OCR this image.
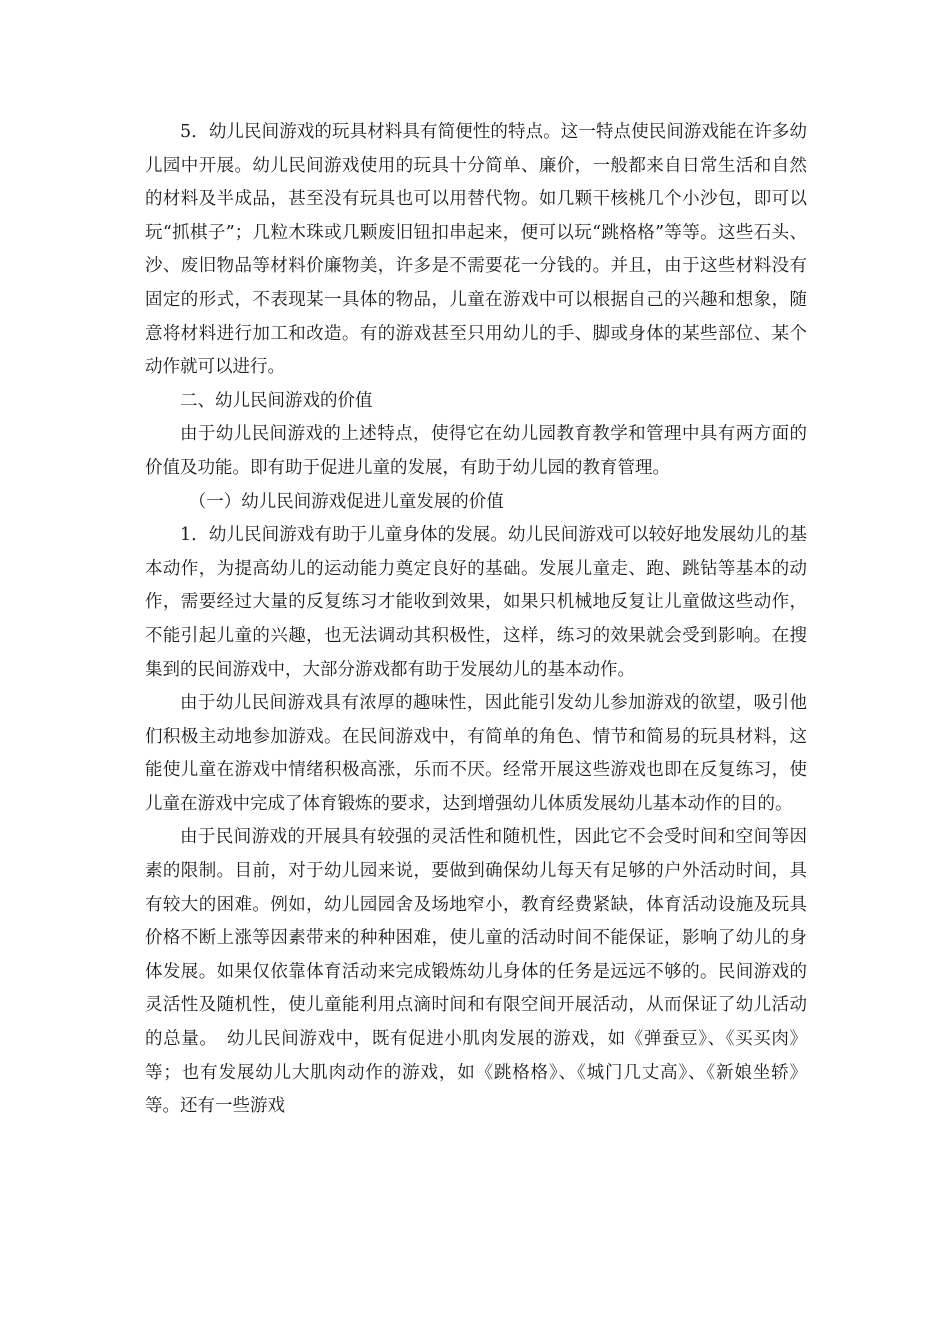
5．幼儿民间游戏的玩具材料具有简便性的特点。这一特点使民间游戏能在许多幼儿园中开展。幼儿民间游戏使用的玩具十分简单、廉价，一般都来自日常生活和自然的材料及半成品，甚至没有玩具也可以用替代物。如几颗干核桃几个小沙包，即可以玩“抓棋子”；几粒木珠或几颗废旧钮扣串起来，便可以玩“跳格格”等等。这些石头、沙、废旧物品等材料价廉物美，许多是不需要花一分钱的。并且，由于这些材料没有固定的形式，不表现某一具体的物品，儿童在游戏中可以根据自己的兴趣和想象，随意将材料进行加工和改造。有的游戏甚至只用幼儿的手、脚或身体的某些部位、某个动作就可以进行。

二、幼儿民间游戏的价值

由于幼儿民间游戏的上述特点，使得它在幼儿园教育教学和管理中具有两方面的价值及功能。即有助于促进儿童的发展，有助于幼儿园的教育管理。

（一）幼儿民间游戏促进儿童发展的价值

1．幼儿民间游戏有助于儿童身体的发展。幼儿民间游戏可以较好地发展幼儿的基本动作，为提高幼儿的运动能力奠定良好的基础。发展儿童走、跑、跳钻等基本的动作，需要经过大量的反复练习才能收到效果，如果只机械地反复让儿童做这些动作，不能引起儿童的兴趣，也无法调动其积极性，这样，练习的效果就会受到影响。在搜集到的民间游戏中，大部分游戏都有助于发展幼儿的基本动作。

由于幼儿民间游戏具有浓厚的趣味性，因此能引发幼儿参加游戏的欲望，吸引他们积极主动地参加游戏。在民间游戏中，有简单的角色、情节和简易的玩具材料，这能使儿童在游戏中情绪积极高涨，乐而不厌。经常开展这些游戏也即在反复练习，使儿童在游戏中完成了体育锻炼的要求，达到增强幼儿体质发展幼儿基本动作的目的。

由于民间游戏的开展具有较强的灵活性和随机性，因此它不会受时间和空间等因素的限制。目前，对于幼儿园来说，要做到确保幼儿每天有足够的户外活动时间，具有较大的困难。例如，幼儿园园舍及场地窄小，教育经费紧缺，体育活动设施及玩具价格不断上涨等因素带来的种种困难，使儿童的活动时间不能保证，影响了幼儿的身体发展。如果仅依靠体育活动来完成锻炼幼儿身体的任务是远远不够的。民间游戏的灵活性及随机性，使儿童能利用点滴时间和有限空间开展活动，从而保证了幼儿活动的总量。　幼儿民间游戏中，既有促进小肌肉发展的游戏，如《弹蚕豆》、《买买肉》等；也有发展幼儿大肌肉动作的游戏，如《跳格格》、《城门几丈高》、《新娘坐轿》等。还有一些游戏
